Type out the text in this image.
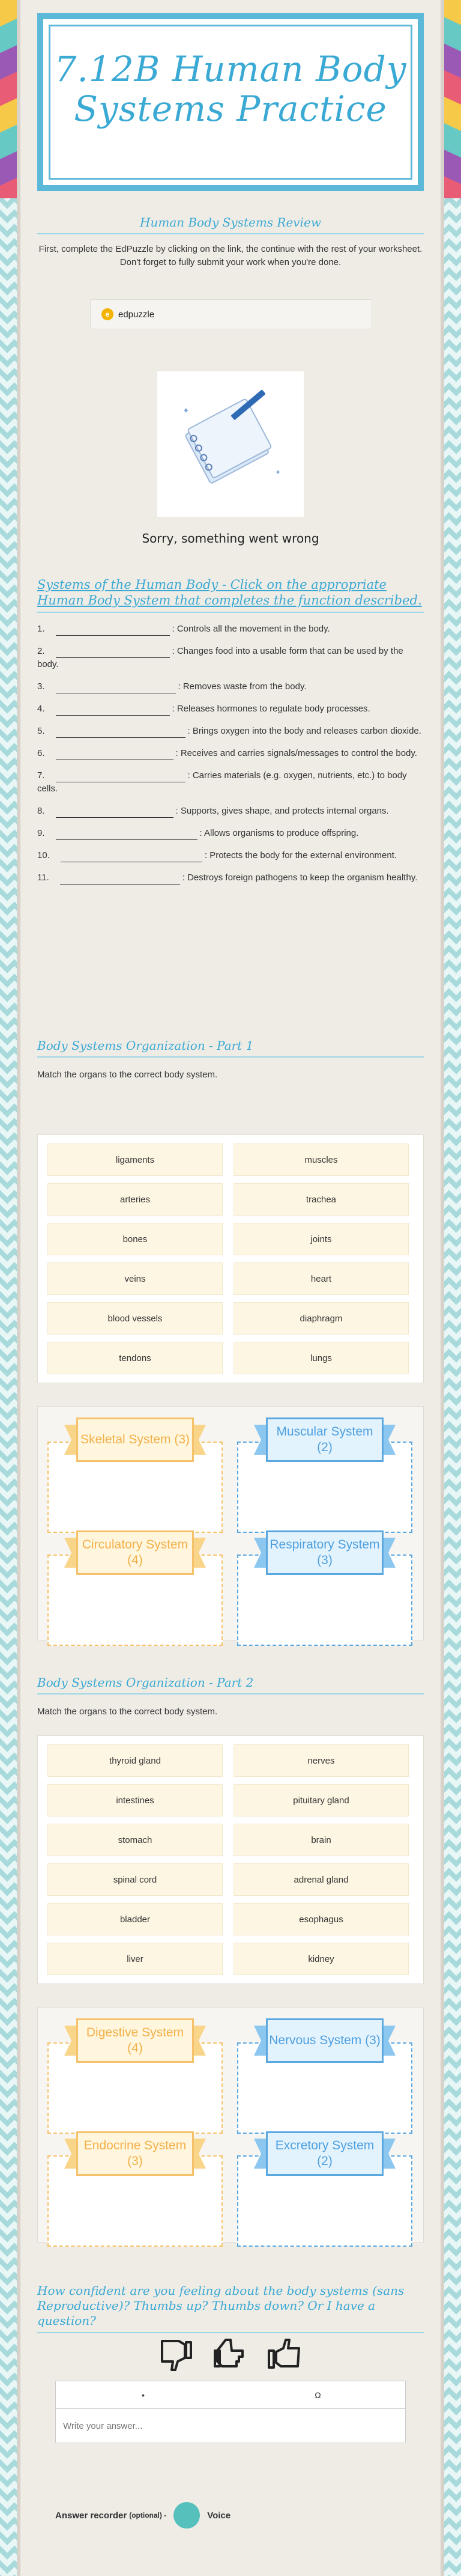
7.12B Human Body Systems Practice
Human Body Systems Review

First, complete the EdPuzzle by clicking on the link, the continue with the rest of your worksheet. Don't forget to fully submit your work when you're done.

e edpuzzle
✦
✦
Sorry, something went wrong
Systems of the Human Body - Click on the appropriate Human Body System that completes the function described.
1.	: Controls all the movement in the body.
2.	: Changes food into a usable form that can be used by the body.
3.	: Removes waste from the body.
4.	: Releases hormones to regulate body processes.
5.	: Brings oxygen into the body and releases carbon dioxide.
6.	: Receives and carries signals/messages to control the body.
7.	: Carries materials (e.g. oxygen, nutrients, etc.) to body cells.
8.	: Supports, gives shape, and protects internal organs.
9.	: Allows organisms to produce offspring.
10.	: Protects the body for the external environment.
11.	: Destroys foreign pathogens to keep the organism healthy.
Body Systems Organization - Part 1

Match the organs to the correct body system.

ligaments	muscles
arteries	trachea
bones	joints
veins	heart
blood vessels	diaphragm
tendons	lungs
Skeletal System (3)
Muscular System (2)
Circulatory System (4)
Respiratory System (3)
Body Systems Organization - Part 2

Match the organs to the correct body system.

thyroid gland	nerves
intestines	pituitary gland
stomach	brain
spinal cord	adrenal gland
bladder	esophagus
liver	kidney
Digestive System (4)
Nervous System (3)
Endocrine System (3)
Excretory System (2)
How confident are you feeling about the body systems (sans Reproductive)? Thumbs up? Thumbs down? Or I have a question?
•	Ω
Write your answer...
Answer recorder (optional) -	Voice
